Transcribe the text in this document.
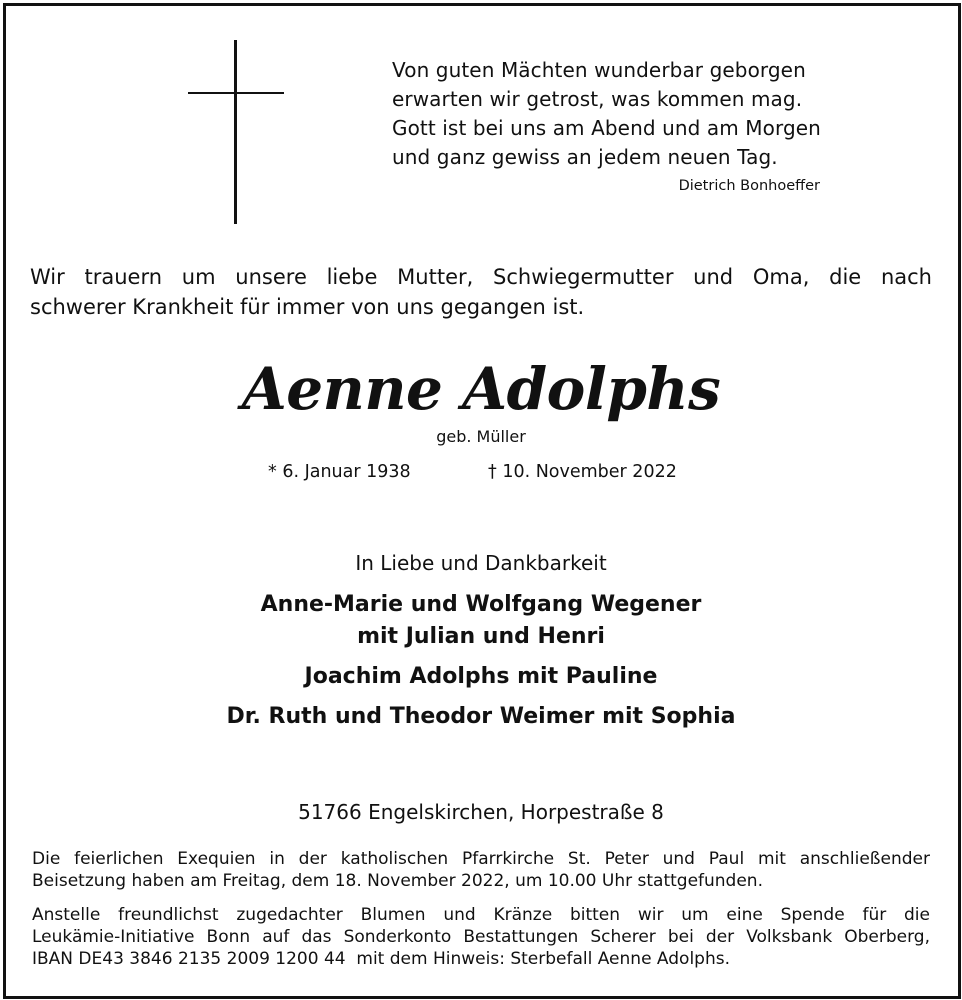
Von guten Mächten wunderbar geborgen
erwarten wir getrost, was kommen mag.
Gott ist bei uns am Abend und am Morgen
und ganz gewiss an jedem neuen Tag.
Dietrich Bonhoeffer
Wir trauern um unsere liebe Mutter, Schwiegermutter und Oma, die nach
schwerer Krankheit für immer von uns gegangen ist.
Aenne Adolphs
geb. Müller
* 6. Januar 1938	† 10. November 2022
In Liebe und Dankbarkeit
Anne-Marie und Wolfgang Wegener
mit Julian und Henri
Joachim Adolphs mit Pauline
Dr. Ruth und Theodor Weimer mit Sophia
51766 Engelskirchen, Horpestraße 8
Die feierlichen Exequien in der katholischen Pfarrkirche St. Peter und Paul mit anschließender
Beisetzung haben am Freitag, dem 18. November 2022, um 10.00 Uhr stattgefunden.
Anstelle freundlichst zugedachter Blumen und Kränze bitten wir um eine Spende für die
Leukämie-Initiative Bonn auf das Sonderkonto Bestattungen Scherer bei der Volksbank Oberberg,
IBAN DE43 3846 2135 2009 1200 44  mit dem Hinweis: Sterbefall Aenne Adolphs.
